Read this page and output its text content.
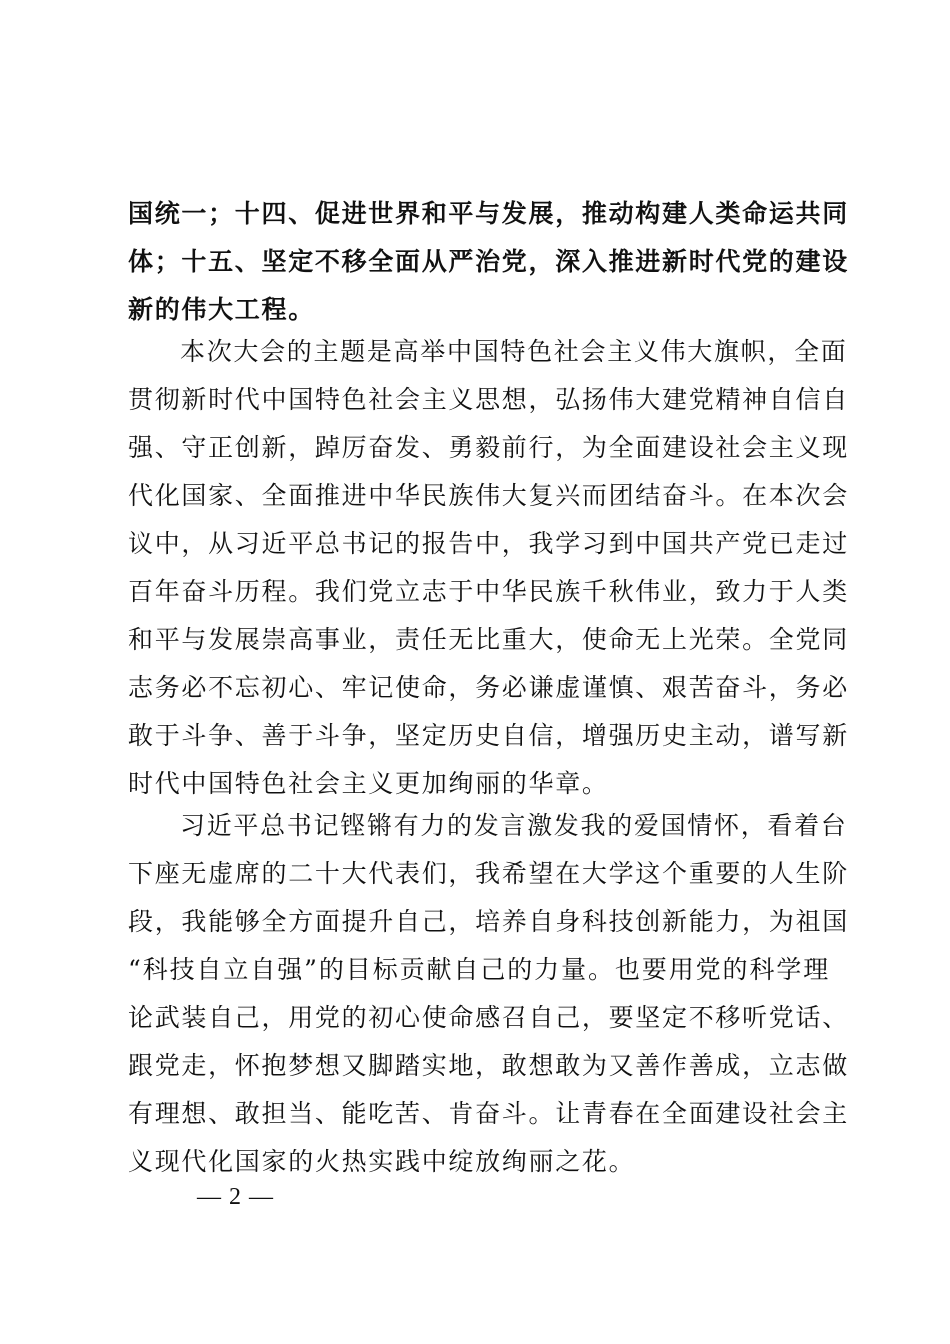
国统一；十四、促进世界和平与发展，推动构建人类命运共同
体；十五、坚定不移全面从严治党，深入推进新时代党的建设
新的伟大工程。
本次大会的主题是高举中国特色社会主义伟大旗帜，全面
贯彻新时代中国特色社会主义思想，弘扬伟大建党精神自信自
强、守正创新，踔厉奋发、勇毅前行，为全面建设社会主义现
代化国家、全面推进中华民族伟大复兴而团结奋斗。在本次会
议中，从习近平总书记的报告中，我学习到中国共产党已走过
百年奋斗历程。我们党立志于中华民族千秋伟业，致力于人类
和平与发展崇高事业，责任无比重大，使命无上光荣。全党同
志务必不忘初心、牢记使命，务必谦虚谨慎、艰苦奋斗，务必
敢于斗争、善于斗争，坚定历史自信，增强历史主动，谱写新
时代中国特色社会主义更加绚丽的华章。
习近平总书记铿锵有力的发言激发我的爱国情怀，看着台
下座无虚席的二十大代表们，我希望在大学这个重要的人生阶
段，我能够全方面提升自己，培养自身科技创新能力，为祖国
“科技自立自强”的目标贡献自己的力量。也要用党的科学理
论武装自己，用党的初心使命感召自己，要坚定不移听党话、
跟党走，怀抱梦想又脚踏实地，敢想敢为又善作善成，立志做
有理想、敢担当、能吃苦、肯奋斗。让青春在全面建设社会主
义现代化国家的火热实践中绽放绚丽之花。
— 2 —
